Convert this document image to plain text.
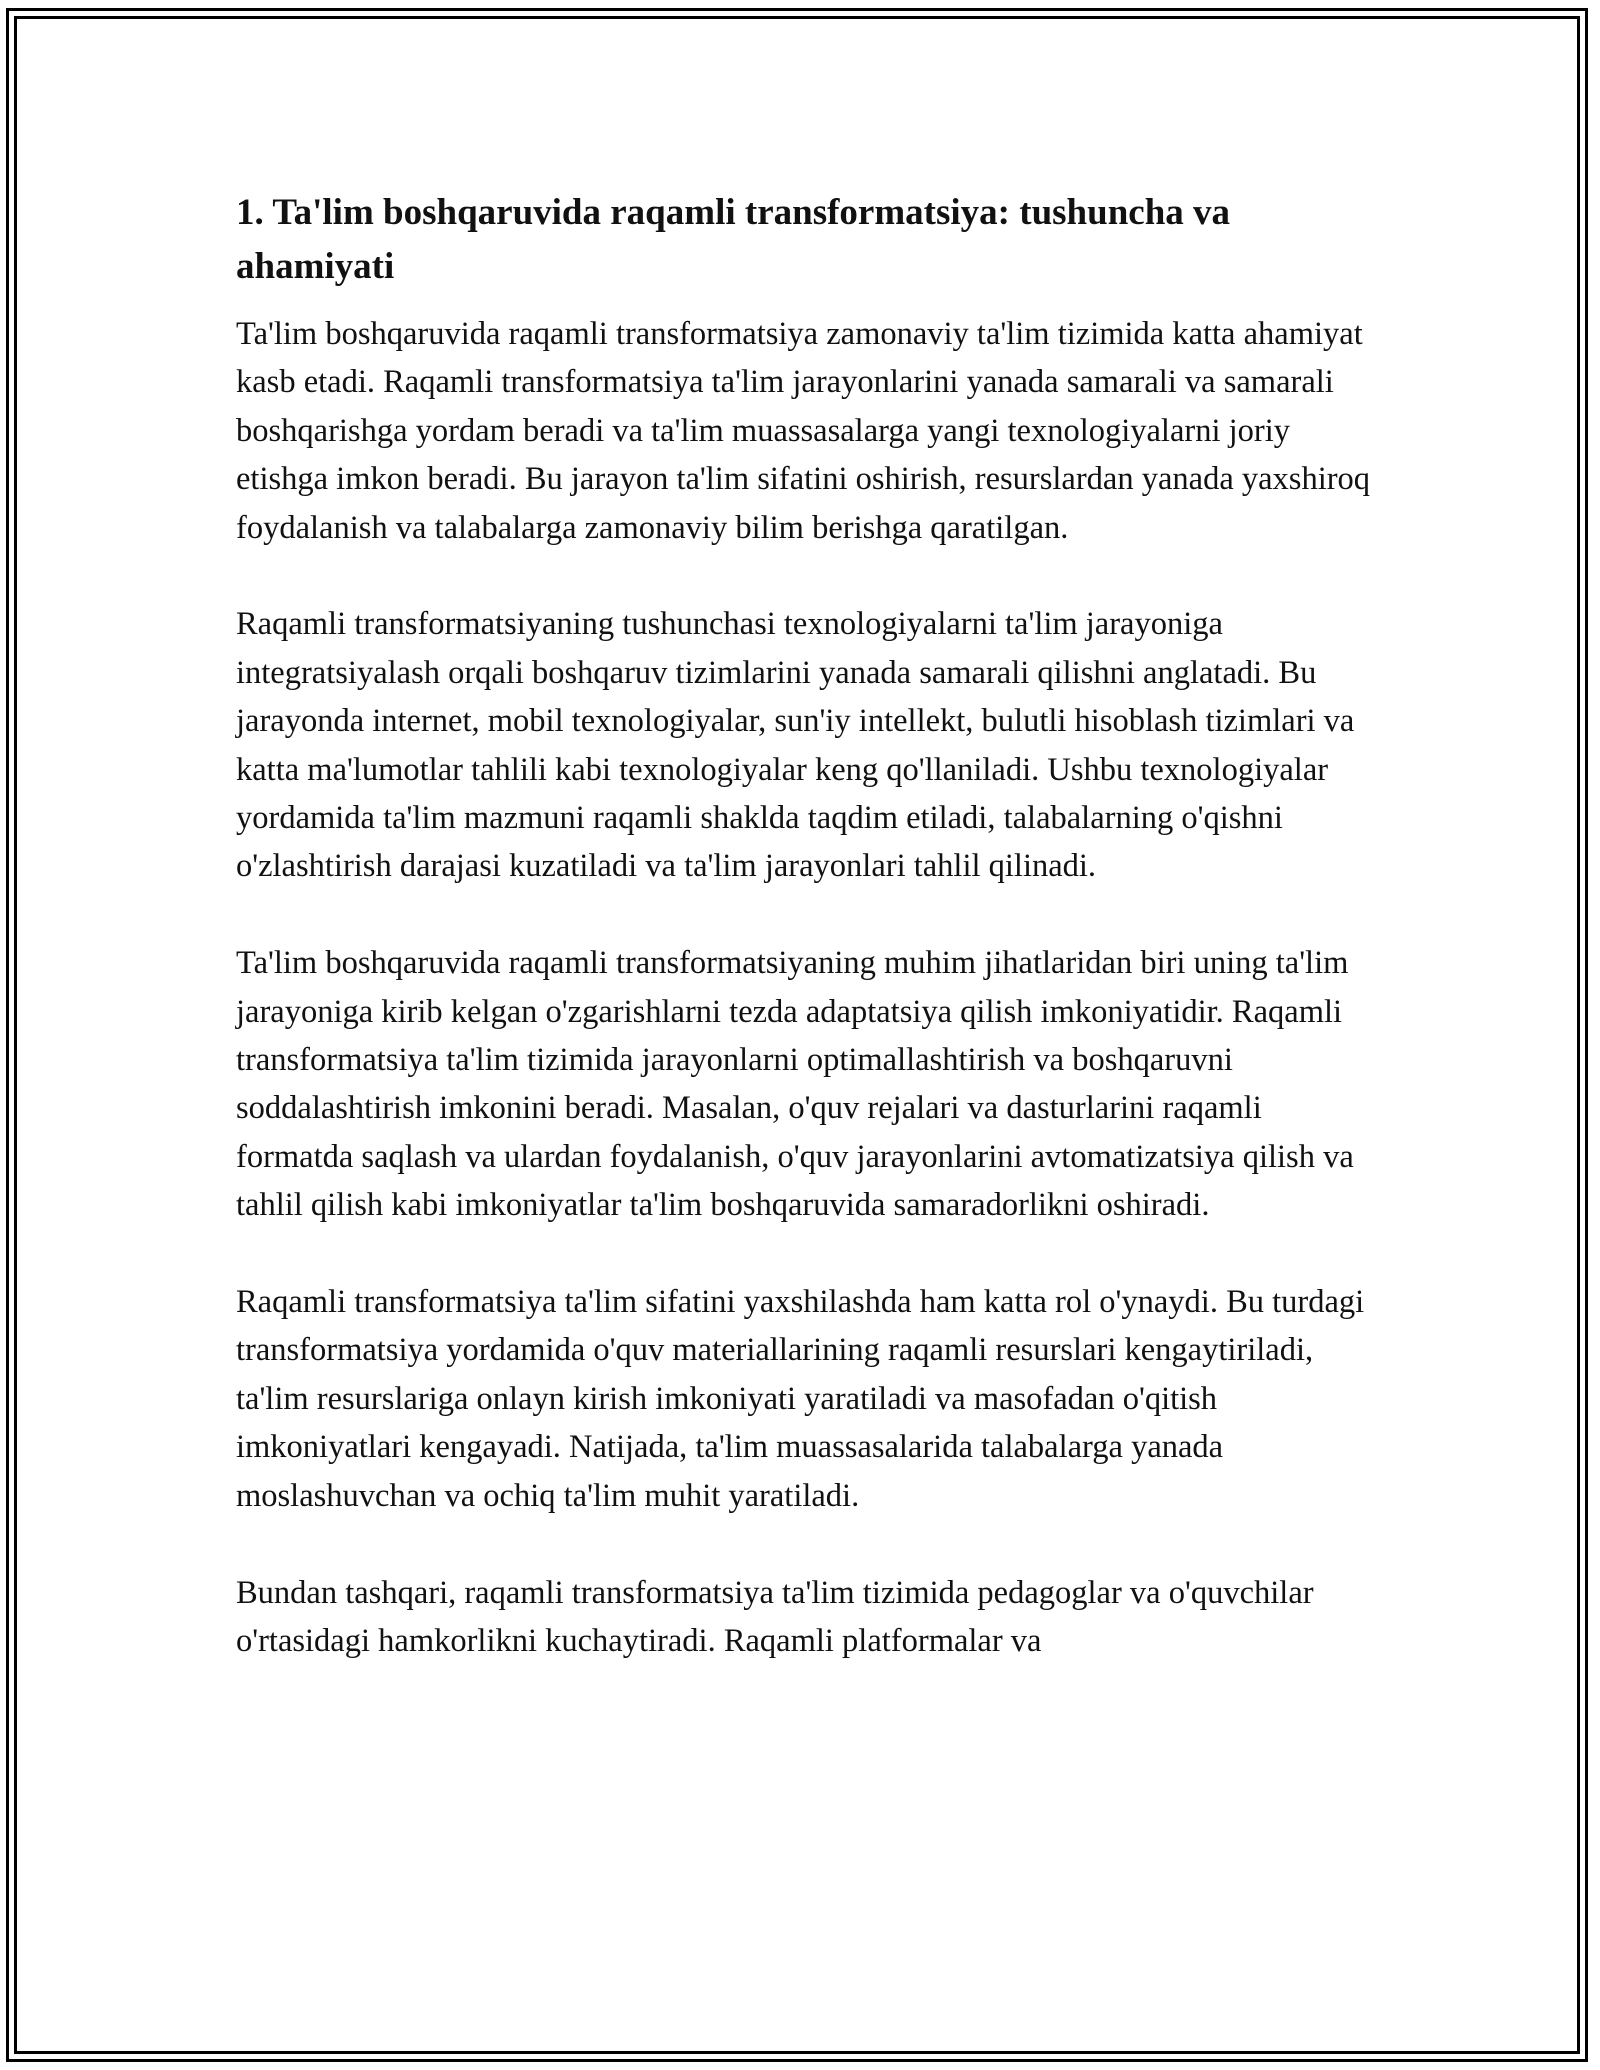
1. Ta'lim boshqaruvida raqamli transformatsiya: tushuncha va ahamiyati

Ta'lim boshqaruvida raqamli transformatsiya zamonaviy ta'lim tizimida katta ahamiyat kasb etadi. Raqamli transformatsiya ta'lim jarayonlarini yanada samarali va samarali boshqarishga yordam beradi va ta'lim muassasalarga yangi texnologiyalarni joriy etishga imkon beradi. Bu jarayon ta'lim sifatini oshirish, resurslardan yanada yaxshiroq foydalanish va talabalarga zamonaviy bilim berishga qaratilgan.

Raqamli transformatsiyaning tushunchasi texnologiyalarni ta'lim jarayoniga integratsiyalash orqali boshqaruv tizimlarini yanada samarali qilishni anglatadi. Bu jarayonda internet, mobil texnologiyalar, sun'iy intellekt, bulutli hisoblash tizimlari va katta ma'lumotlar tahlili kabi texnologiyalar keng qo'llaniladi. Ushbu texnologiyalar yordamida ta'lim mazmuni raqamli shaklda taqdim etiladi, talabalarning o'qishni o'zlashtirish darajasi kuzatiladi va ta'lim jarayonlari tahlil qilinadi.

Ta'lim boshqaruvida raqamli transformatsiyaning muhim jihatlaridan biri uning ta'lim jarayoniga kirib kelgan o'zgarishlarni tezda adaptatsiya qilish imkoniyatidir. Raqamli transformatsiya ta'lim tizimida jarayonlarni optimallashtirish va boshqaruvni soddalashtirish imkonini beradi. Masalan, o'quv rejalari va dasturlarini raqamli formatda saqlash va ulardan foydalanish, o'quv jarayonlarini avtomatizatsiya qilish va tahlil qilish kabi imkoniyatlar ta'lim boshqaruvida samaradorlikni oshiradi.

Raqamli transformatsiya ta'lim sifatini yaxshilashda ham katta rol o'ynaydi. Bu turdagi transformatsiya yordamida o'quv materiallarining raqamli resurslari kengaytiriladi, ta'lim resurslariga onlayn kirish imkoniyati yaratiladi va masofadan o'qitish imkoniyatlari kengayadi. Natijada, ta'lim muassasalarida talabalarga yanada moslashuvchan va ochiq ta'lim muhit yaratiladi.

Bundan tashqari, raqamli transformatsiya ta'lim tizimida pedagoglar va o'quvchilar o'rtasidagi hamkorlikni kuchaytiradi. Raqamli platformalar va
